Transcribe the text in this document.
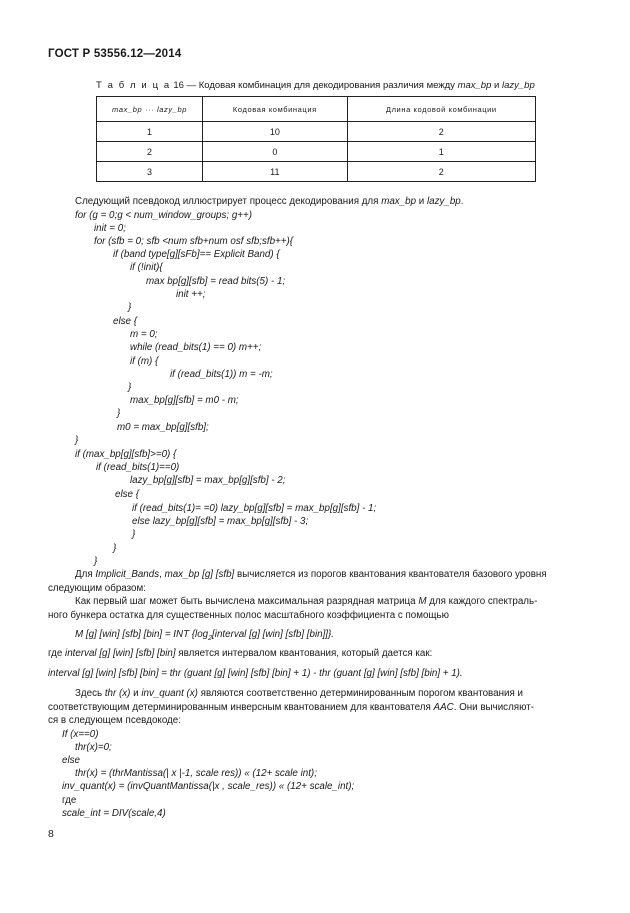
ГОСТ Р 53556.12—2014
Т а б л и ц а 16 — Кодовая комбинация для декодирования различия между max_bp и lazy_bp
max_bp ··· lazy_bp	Кодовая комбинация	Длина кодовой комбинации
1	10	2
2	0	1
3	11	2
Следующий псевдокод иллюстрирует процесс декодирования для max_bp и lazy_bp.
for (g = 0;g < num_window_groups; g++)
init = 0;
for (sfb = 0; sfb <num sfb+num osf sfb;sfb++){
if (band type[g][sFb]== Explicit Band) {
if (!init){
max bp[g][sfb] = read bits(5) - 1;
init ++;
}
else {
m = 0;
while (read_bits(1) == 0) m++;
if (m) {
if (read_bits(1)) m = -m;
}
max_bp[g][sfb] = m0 - m;
}
m0 = max_bp[g][sfb];
}
if (max_bp[g][sfb]>=0) {
if (read_bits(1)==0)
lazy_bp[g][sfb] = max_bp[g][sfb] - 2;
else {
if (read_bits(1)= =0) lazy_bp[g][sfb] = max_bp[g][sfb] - 1;
else lazy_bp[g][sfb] = max_bp[g][sfb] - 3;
}
}
}
Для Implicit_Bands, max_bp [g] [sfb] вычисляется из порогов квантования квантователя базового уровня
следующим образом:
Как первый шаг может быть вычислена максимальная разрядная матрица M для каждого спектраль-
ного бункера остатка для существенных полос масштабного коэффициента с помощью
M [g] [win] [sfb] [bin] = INT {$\log_2[interval$ [g] [win] [sfb] [bin]]}.
где interval [g] [win] [sfb] [bin] является интервалом квантования, который дается как:
interval [g] [win] [sfb] [bin] = thr (guant [g] [win] [sfb] [bin] + 1) - thr (guant [g] [win] [sfb] [bin] + 1).
Здесь thr (x) и inv_quant (x) являются соответственно детерминированным порогом квантования и
соответствующим детерминированным инверсным квантованием для квантователя AAC. Они вычисляют-
ся в следующем псевдокоде:
If (x==0)
thr(x)=0;
else
thr(x) = (thrMantissa(| x |-1, scale res)) « (12+ scale int);
inv_quant(x) = (invQuantMantissa(|x , scale_res)) « (12+ scale_int);
где
scale_int = DIV(scale,4)
8
